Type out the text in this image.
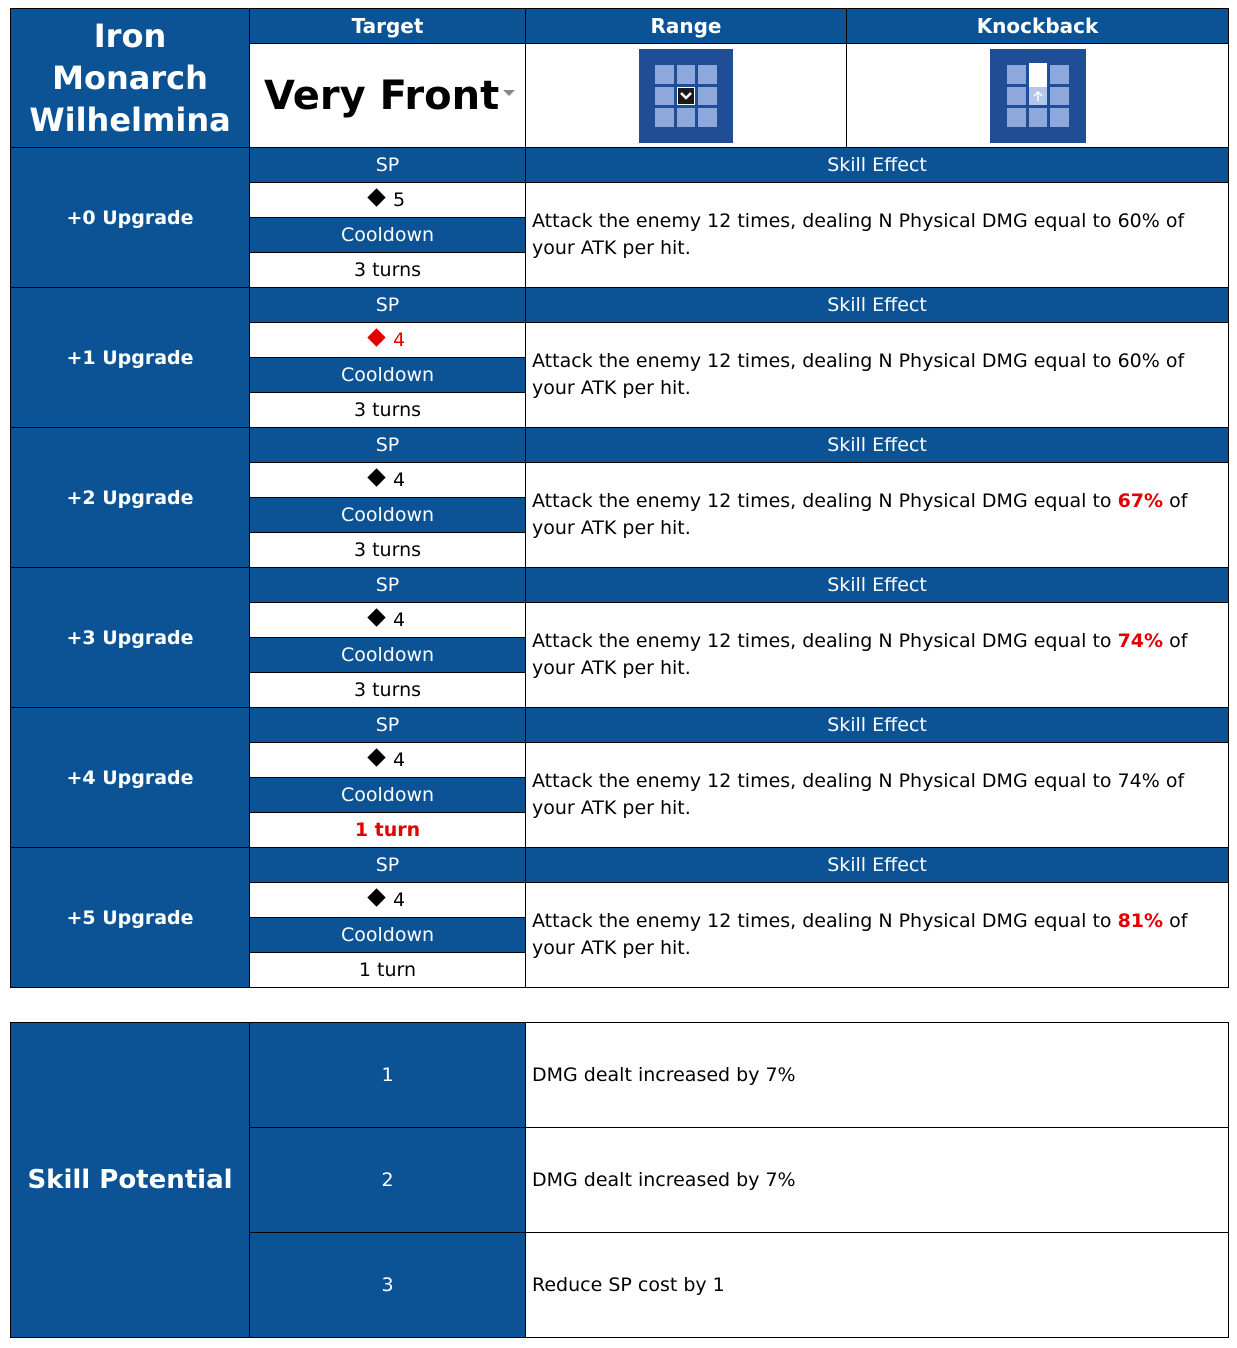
Iron Monarch
Wilhelmina	Target	Range	Knockback
	Very Front

+0 Upgrade	SP	Skill Effect	
	5	Attack the enemy 12 times, dealing N Physical DMG equal to 60% of your ATK per hit.	
	Cooldown		
	3 turns		
+1 Upgrade	SP	Skill Effect	
	4	Attack the enemy 12 times, dealing N Physical DMG equal to 60% of your ATK per hit.	
	Cooldown		
	3 turns		
+2 Upgrade	SP	Skill Effect	
	4	Attack the enemy 12 times, dealing N Physical DMG equal to 67% of your ATK per hit.	
	Cooldown		
	3 turns		
+3 Upgrade	SP	Skill Effect	
	4	Attack the enemy 12 times, dealing N Physical DMG equal to 74% of your ATK per hit.	
	Cooldown		
	3 turns		
+4 Upgrade	SP	Skill Effect	
	4	Attack the enemy 12 times, dealing N Physical DMG equal to 74% of your ATK per hit.	
	Cooldown		
	1 turn		
+5 Upgrade	SP	Skill Effect	
	4	Attack the enemy 12 times, dealing N Physical DMG equal to 81% of your ATK per hit.	
	Cooldown		
	1 turn		
Skill Potential	1	DMG dealt increased by 7%
	2	DMG dealt increased by 7%
	3	Reduce SP cost by 1
